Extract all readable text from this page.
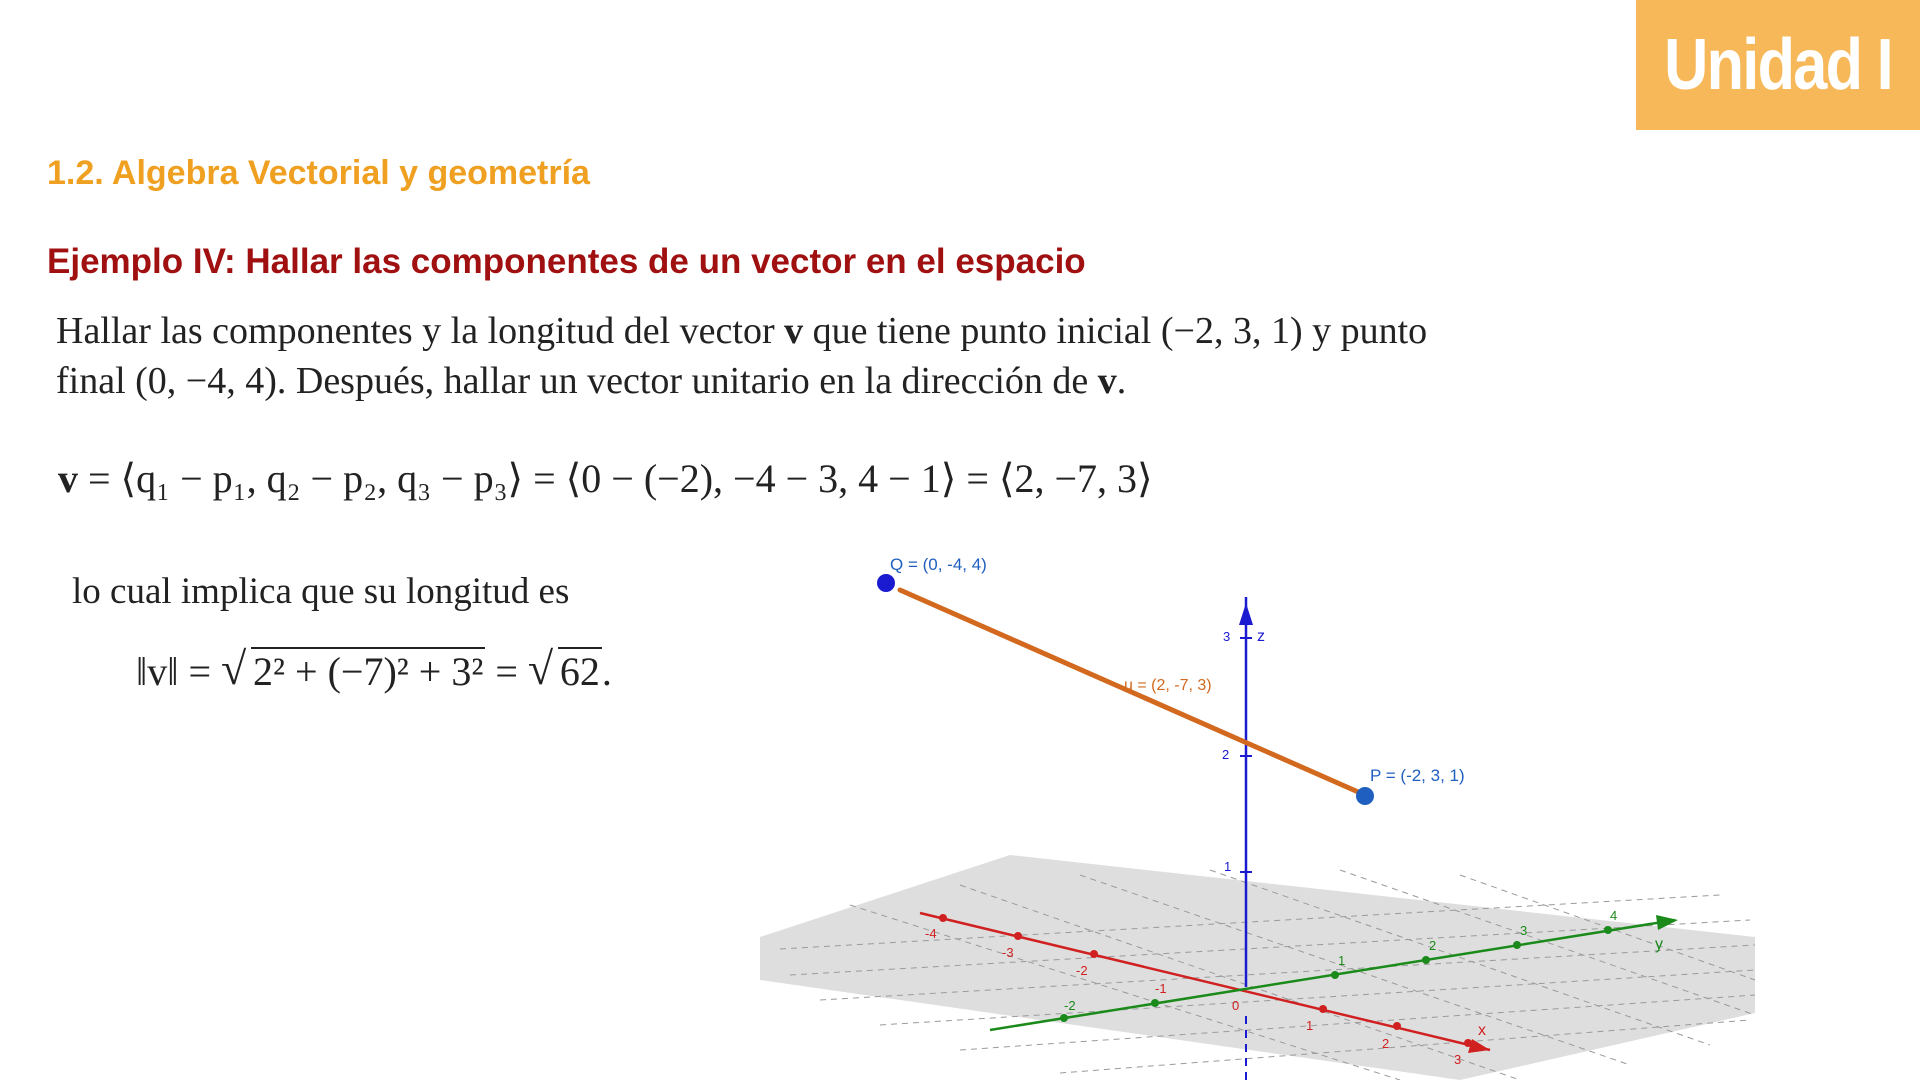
Unidad I
1.2. Algebra Vectorial y geometría
Ejemplo IV: Hallar las componentes de un vector en el espacio
Hallar las componentes y la longitud del vector v que tiene punto inicial (−2, 3, 1) y punto
final (0, −4, 4). Después, hallar un vector unitario en la dirección de v.
v = ⟨q₁ − p₁, q₂ − p₂, q₃ − p₃⟩ = ⟨0 − (−2), −4 − 3, 4 − 1⟩ = ⟨2, −7, 3⟩
lo cual implica que su longitud es
‖v‖ = √ 2² + (−7)² + 3² = √ 62.
-4
-3
-2
-1
0
1
2
3
x
-2
1
2
3
4
y
1
2
3 z
u = (2, -7, 3)
Q = (0, -4, 4)
P = (-2, 3, 1)
